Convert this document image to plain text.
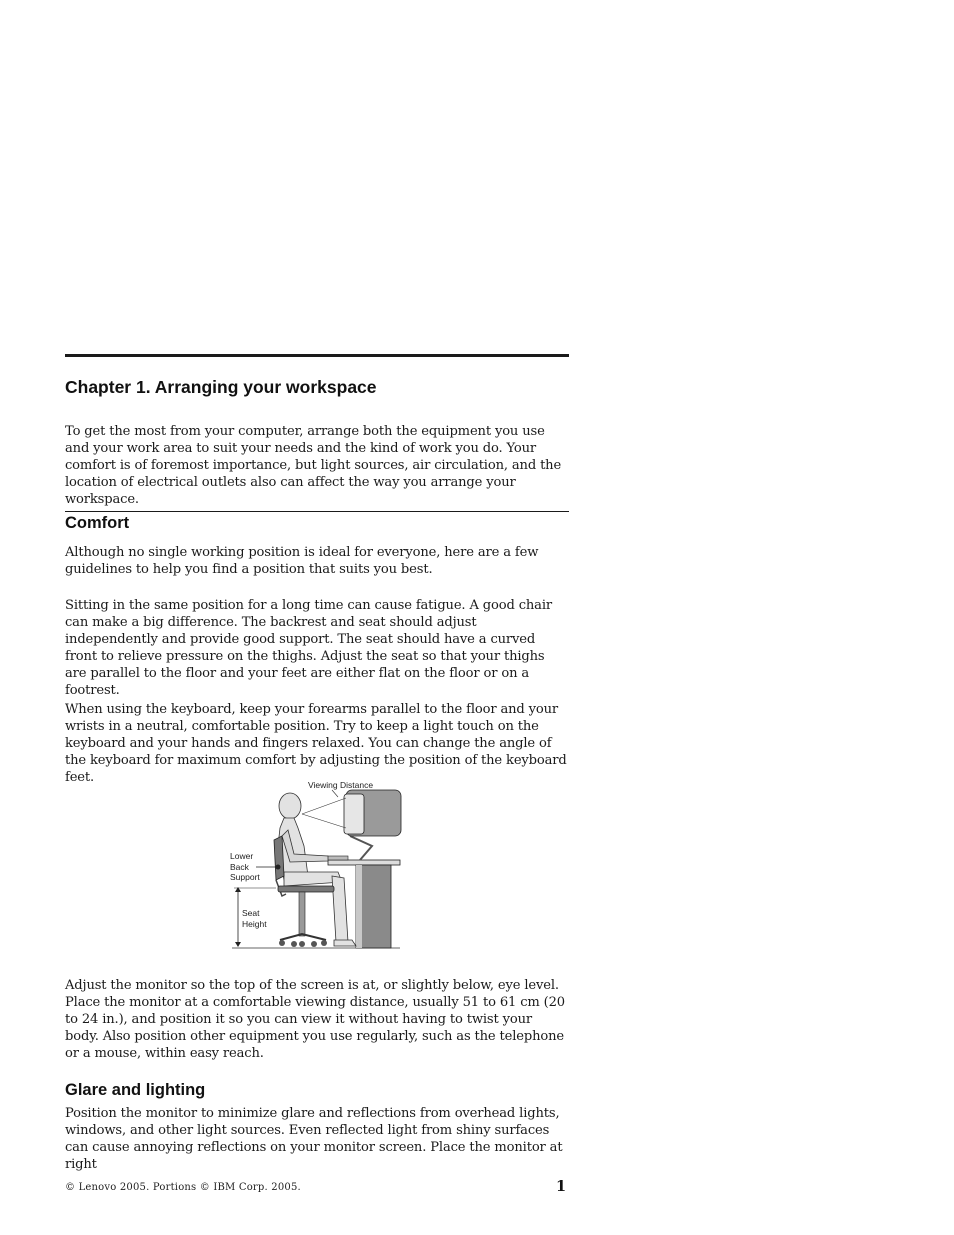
Chapter 1. Arranging your workspace

To get the most from your computer, arrange both the equipment you use and your work area to suit your needs and the kind of work you do. Your comfort is of foremost importance, but light sources, air circulation, and the location of electrical outlets also can affect the way you arrange your workspace.

Comfort

Although no single working position is ideal for everyone, here are a few guidelines to help you find a position that suits you best.

Sitting in the same position for a long time can cause fatigue. A good chair can make a big difference. The backrest and seat should adjust independently and provide good support. The seat should have a curved front to relieve pressure on the thighs. Adjust the seat so that your thighs are parallel to the floor and your feet are either flat on the floor or on a footrest.

When using the keyboard, keep your forearms parallel to the floor and your wrists in a neutral, comfortable position. Try to keep a light touch on the keyboard and your hands and fingers relaxed. You can change the angle of the keyboard for maximum comfort by adjusting the position of the keyboard feet.	Viewing Distance
Lower
Back
Support
Seat
Height

Adjust the monitor so the top of the screen is at, or slightly below, eye level. Place the monitor at a comfortable viewing distance, usually 51 to 61 cm (20 to 24 in.), and position it so you can view it without having to twist your body. Also position other equipment you use regularly, such as the telephone or a mouse, within easy reach.

Glare and lighting

Position the monitor to minimize glare and reflections from overhead lights, windows, and other light sources. Even reflected light from shiny surfaces can cause annoying reflections on your monitor screen. Place the monitor at right

© Lenovo 2005. Portions © IBM Corp. 2005.	1
